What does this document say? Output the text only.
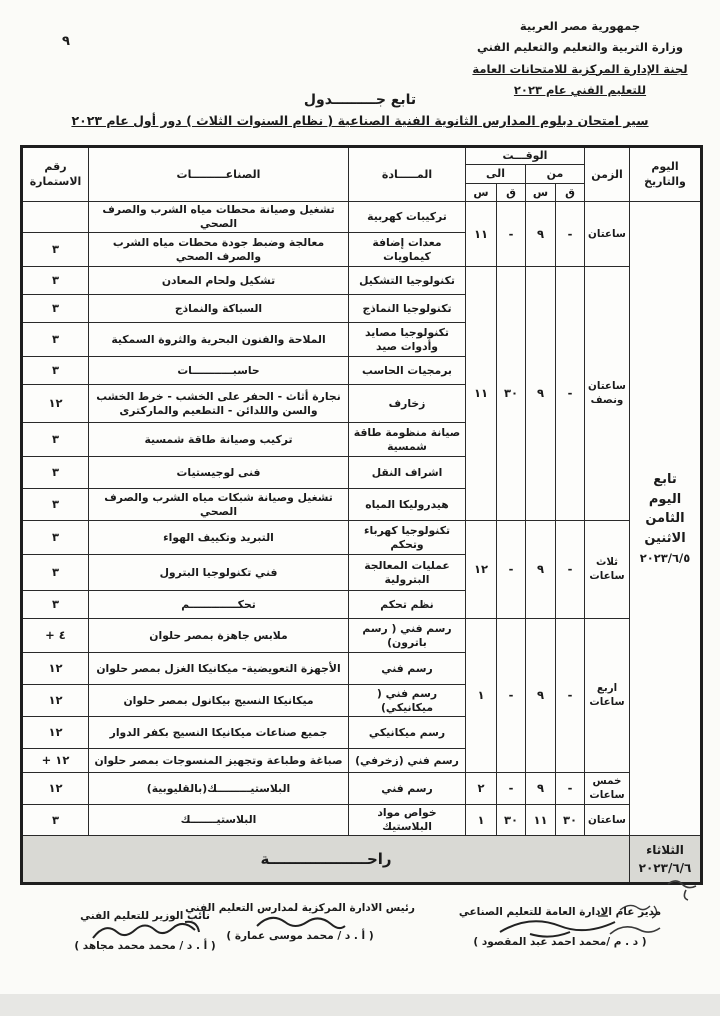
٩
جمهورية مصر العربية
وزارة التربية والتعليم والتعليم الفني
لجنة الإدارة المركزية للامتحانات العامة
للتعليم الفني عام ٢٠٢٣
تابع جـــــــــدول
سير امتحان دبلوم المدارس الثانوية الفنية الصناعية ( نظام السنوات الثلاث ) دور أول عام ٢٠٢٣
اليوم والتاريخ	الزمن	الوقـــت				المـــــادة	الصناعـــــــــات	رقم الاستمارة
		من		الى				
		ق	س	ق	س			

تابع
اليوم
الثامن
الاثنين
٢٠٢٣/٦/٥	ساعتان	-	٩	-	١١	تركيبات كهربية	تشغيل وصيانة محطات مياه الشرب والصرف الصحي	
						معدات إضافة كيماويات	معالجة وضبط جودة محطات مياه الشرب والصرف الصحي	٣
	ساعتان ونصف	-	٩	٣٠	١١	تكنولوجيا التشكيل	تشكيل ولحام المعادن	٣
						تكنولوجيا النماذج	السباكة والنماذج	٣
						تكنولوجيا مصايد وأدوات صيد	الملاحة والفنون البحرية والثروة السمكية	٣
						برمجيات الحاسب	حاسبـــــــــــات	٣
						زخارف	نجارة أثاث - الحفر على الخشب - خرط الخشب والسن واللدائن - التطعيم والماركترى	١٢
						صيانة منظومة طاقة شمسية	تركيب وصيانة طاقة شمسية	٣
						اشراف النقل	فنى لوجيستيات	٣
						هيدروليكا المياه	تشغيل وصيانة شبكات مياه الشرب والصرف الصحي	٣
	ثلاث ساعات	-	٩	-	١٢	تكنولوجيا كهرباء وتحكم	التبريد وتكييف الهواء	٣
						عمليات المعالجة البترولية	فني تكنولوجيا البترول	٣
						نظم تحكم	تحكـــــــــــــم	٣
	اربع ساعات	-	٩	-	١	رسم فني ( رسم باترون)	ملابس جاهزة بمصر حلوان	+ ٤
						رسم فني	الأجهزة التعويضية- ميكانيكا الغزل بمصر حلوان	١٢
						رسم فني ( ميكانيكي)	ميكانيكا النسيج بيكانول بمصر حلوان	١٢
						رسم ميكانيكي	جميع صناعات ميكانيكا النسيج بكفر الدوار	١٢
						رسم فني (زخرفي)	صباغة وطباعة وتجهيز المنسوجات بمصر حلوان	+ ١٢
	خمس ساعات	-	٩	-	٢	رسم فني	البلاستيـــــــــك(بالقليوبية)	١٢
	ساعتان	٣٠	١١	٣٠	١	خواص مواد البلاستيك	البلاستيـــــــك	٣
الثلاثاء
٢٠٢٣/٦/٦	راحـــــــــــــــــــة							
مدير عام الادارة العامة للتعليم الصناعي
( د . م /محمد احمد عبد المقصود )
رئيس الادارة المركزية لمدارس التعليم الفني
( أ . د / محمد موسى عمارة )
نائب الوزير للتعليم الفني
( أ . د / محمد محمد مجاهد )
